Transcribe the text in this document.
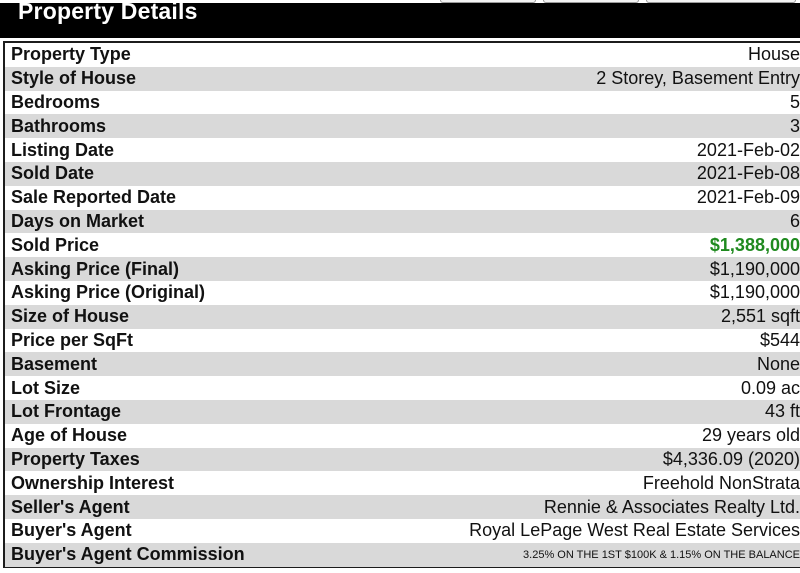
Property Details
Property Type	House
Style of House	2 Storey, Basement Entry
Bedrooms	5
Bathrooms	3
Listing Date	2021-Feb-02
Sold Date	2021-Feb-08
Sale Reported Date	2021-Feb-09
Days on Market	6
Sold Price	$1,388,000
Asking Price (Final)	$1,190,000
Asking Price (Original)	$1,190,000
Size of House	2,551 sqft
Price per SqFt	$544
Basement	None
Lot Size	0.09 ac
Lot Frontage	43 ft
Age of House	29 years old
Property Taxes	$4,336.09 (2020)
Ownership Interest	Freehold NonStrata
Seller's Agent	Rennie & Associates Realty Ltd.
Buyer's Agent	Royal LePage West Real Estate Services
Buyer's Agent Commission	3.25% ON THE 1ST $100K & 1.15% ON THE BALANCE
